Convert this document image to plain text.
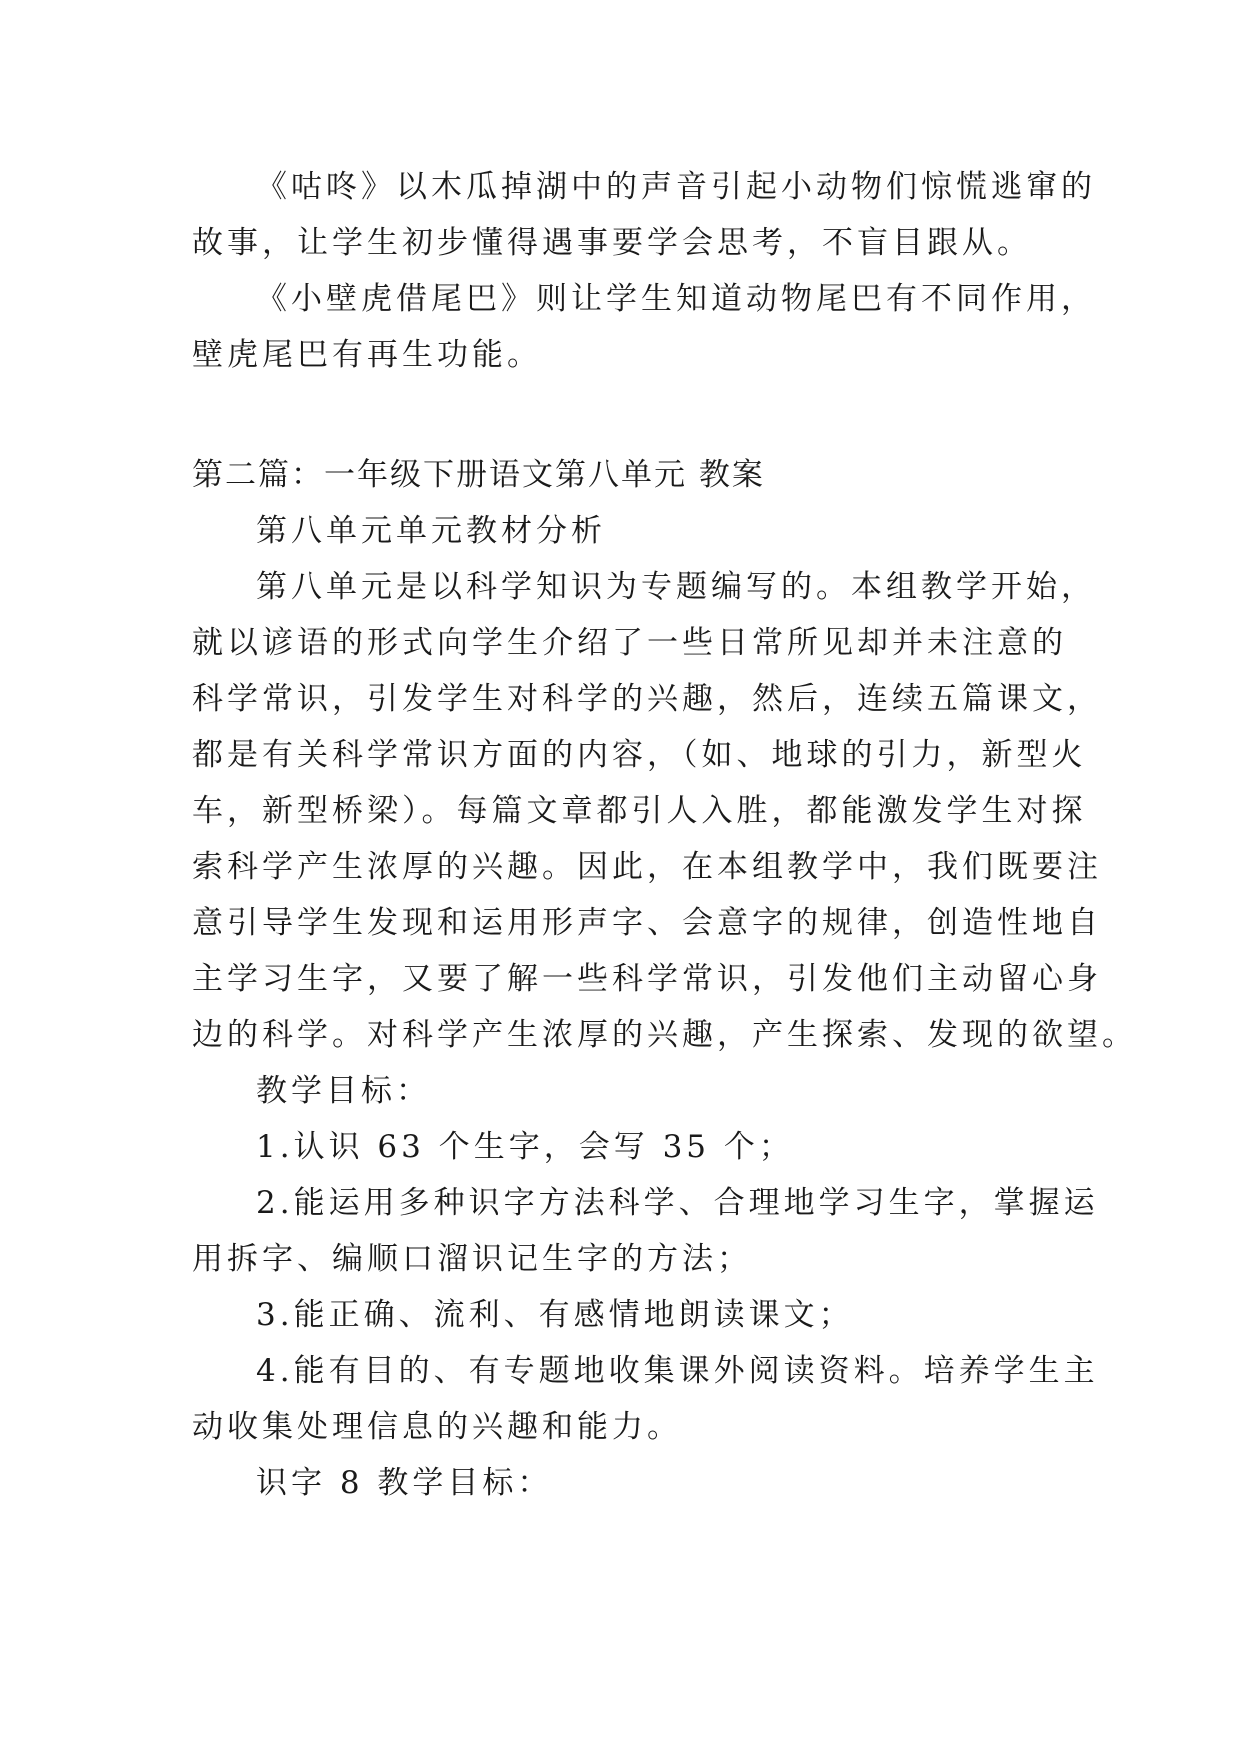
《咕咚》以木瓜掉湖中的声音引起小动物们惊慌逃窜的
故事，让学生初步懂得遇事要学会思考，不盲目跟从。
《小壁虎借尾巴》则让学生知道动物尾巴有不同作用，
壁虎尾巴有再生功能。
第二篇：一年级下册语文第八单元 教案
第八单元单元教材分析
第八单元是以科学知识为专题编写的。本组教学开始，
就以谚语的形式向学生介绍了一些日常所见却并未注意的
科学常识，引发学生对科学的兴趣，然后，连续五篇课文，
都是有关科学常识方面的内容，（如、地球的引力，新型火
车，新型桥梁）。每篇文章都引人入胜，都能激发学生对探
索科学产生浓厚的兴趣。因此，在本组教学中，我们既要注
意引导学生发现和运用形声字、会意字的规律，创造性地自
主学习生字，又要了解一些科学常识，引发他们主动留心身
边的科学。对科学产生浓厚的兴趣，产生探索、发现的欲望。
教学目标：
1.认识 63 个生字，会写 35 个；
2.能运用多种识字方法科学、合理地学习生字，掌握运
用拆字、编顺口溜识记生字的方法；
3.能正确、流利、有感情地朗读课文；
4.能有目的、有专题地收集课外阅读资料。培养学生主
动收集处理信息的兴趣和能力。
识字 8 教学目标：
